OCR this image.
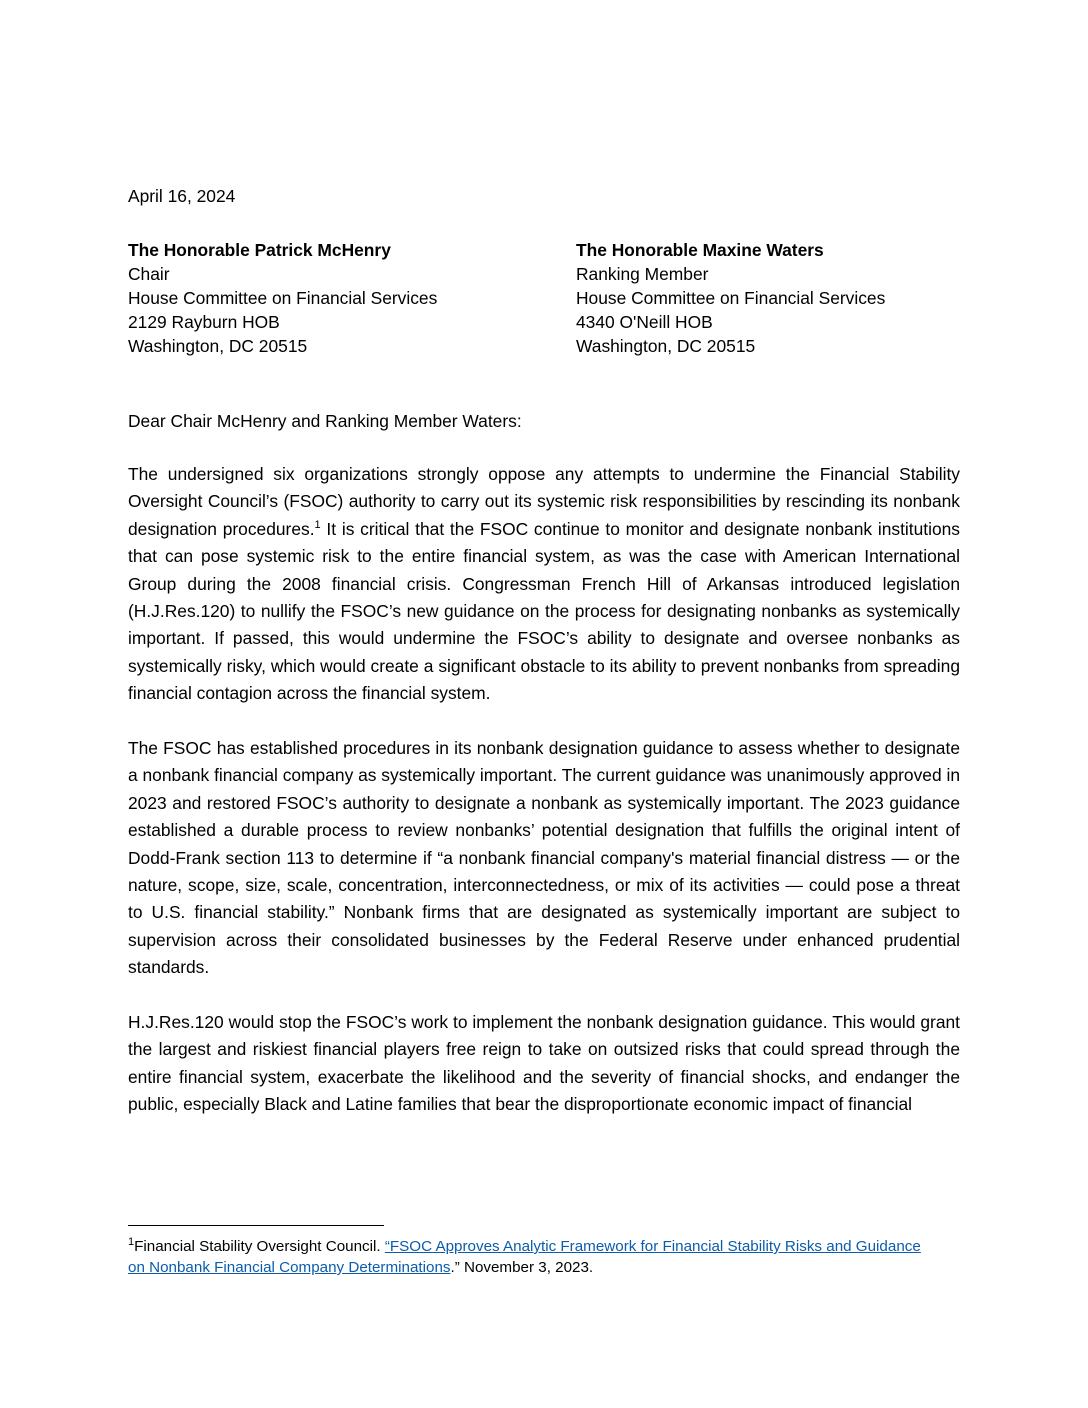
April 16, 2024
The Honorable Patrick McHenry
Chair
House Committee on Financial Services
2129 Rayburn HOB
Washington, DC 20515
The Honorable Maxine Waters
Ranking Member
House Committee on Financial Services
4340 O'Neill HOB
Washington, DC 20515
Dear Chair McHenry and Ranking Member Waters:

The undersigned six organizations strongly oppose any attempts to undermine the Financial Stability Oversight Council’s (FSOC) authority to carry out its systemic risk responsibilities by rescinding its nonbank designation procedures.$^1$ It is critical that the FSOC continue to monitor and designate nonbank institutions that can pose systemic risk to the entire financial system, as was the case with American International Group during the 2008 financial crisis. Congressman French Hill of Arkansas introduced legislation (H.J.Res.120) to nullify the FSOC’s new guidance on the process for designating nonbanks as systemically important. If passed, this would undermine the FSOC’s ability to designate and oversee nonbanks as systemically risky, which would create a significant obstacle to its ability to prevent nonbanks from spreading financial contagion across the financial system.

The FSOC has established procedures in its nonbank designation guidance to assess whether to designate a nonbank financial company as systemically important. The current guidance was unanimously approved in 2023 and restored FSOC’s authority to designate a nonbank as systemically important. The 2023 guidance established a durable process to review nonbanks’ potential designation that fulfills the original intent of Dodd-Frank section 113 to determine if “a nonbank financial company's material financial distress — or the nature, scope, size, scale, concentration, interconnectedness, or mix of its activities — could pose a threat to U.S. financial stability.” Nonbank firms that are designated as systemically important are subject to supervision across their consolidated businesses by the Federal Reserve under enhanced prudential standards.

H.J.Res.120 would stop the FSOC’s work to implement the nonbank designation guidance. This would grant the largest and riskiest financial players free reign to take on outsized risks that could spread through the entire financial system, exacerbate the likelihood and the severity of financial shocks, and endanger the public, especially Black and Latine families that bear the disproportionate economic impact of financial

$^1$Financial Stability Oversight Council. “FSOC Approves Analytic Framework for Financial Stability Risks and Guidance on Nonbank Financial Company Determinations.” November 3, 2023.
